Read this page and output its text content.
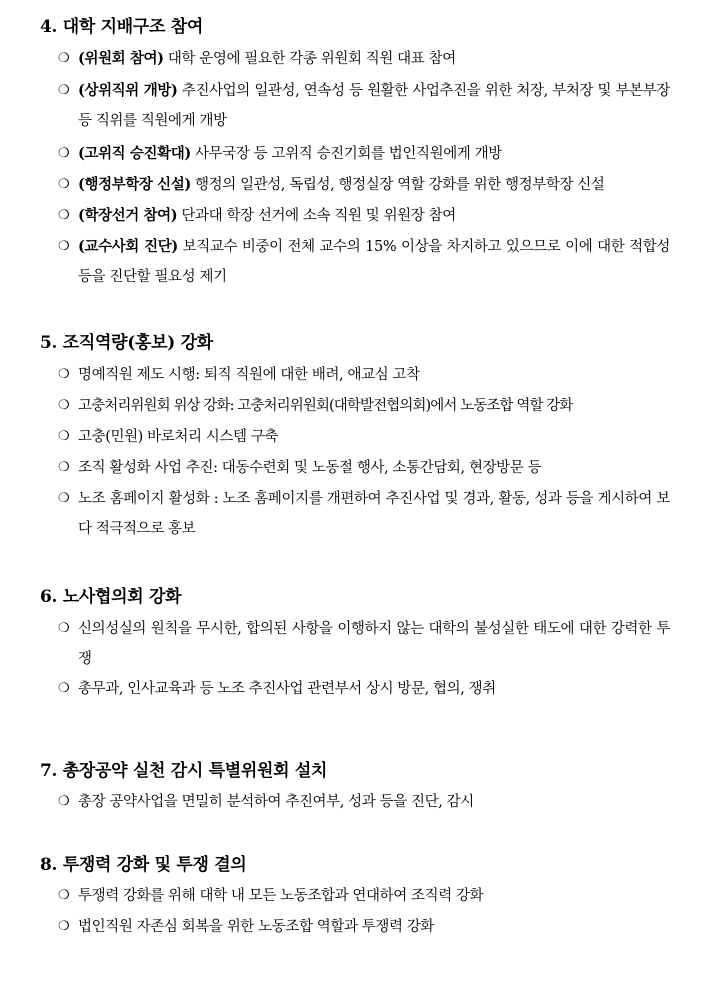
4. 대학 지배구조 참여
❍ (위원회 참여) 대학 운영에 필요한 각종 위원회 직원 대표 참여
❍ (상위직위 개방) 추진사업의 일관성, 연속성 등 원활한 사업추진을 위한 처장, 부처장 및 부본부장 등 직위를 직원에게 개방
❍ (고위직 승진확대) 사무국장 등 고위직 승진기회를 법인직원에게 개방
❍ (행정부학장 신설) 행정의 일관성, 독립성, 행정실장 역할 강화를 위한 행정부학장 신설
❍ (학장선거 참여) 단과대 학장 선거에 소속 직원 및 위원장 참여
❍ (교수사회 진단) 보직교수 비중이 전체 교수의 15% 이상을 차지하고 있으므로 이에 대한 적합성 등을 진단할 필요성 제기
5. 조직역량(홍보) 강화
❍ 명예직원 제도 시행: 퇴직 직원에 대한 배려, 애교심 고착
❍ 고충처리위원회 위상 강화: 고충처리위원회(대학발전협의회)에서 노동조합 역할 강화
❍ 고충(민원) 바로처리 시스템 구축
❍ 조직 활성화 사업 추진: 대동수련회 및 노동절 행사, 소통간담회, 현장방문 등
❍ 노조 홈페이지 활성화 : 노조 홈페이지를 개편하여 추진사업 및 경과, 활동, 성과 등을 게시하여 보다 적극적으로 홍보
6. 노사협의회 강화
❍ 신의성실의 원칙을 무시한, 합의된 사항을 이행하지 않는 대학의 불성실한 태도에 대한 강력한 투쟁
❍ 총무과, 인사교육과 등 노조 추진사업 관련부서 상시 방문, 협의, 쟁취
7. 총장공약 실천 감시 특별위원회 설치
❍ 총장 공약사업을 면밀히 분석하여 추진여부, 성과 등을 진단, 감시
8. 투쟁력 강화 및 투쟁 결의
❍ 투쟁력 강화를 위해 대학 내 모든 노동조합과 연대하여 조직력 강화
❍ 법인직원 자존심 회복을 위한 노동조합 역할과 투쟁력 강화
